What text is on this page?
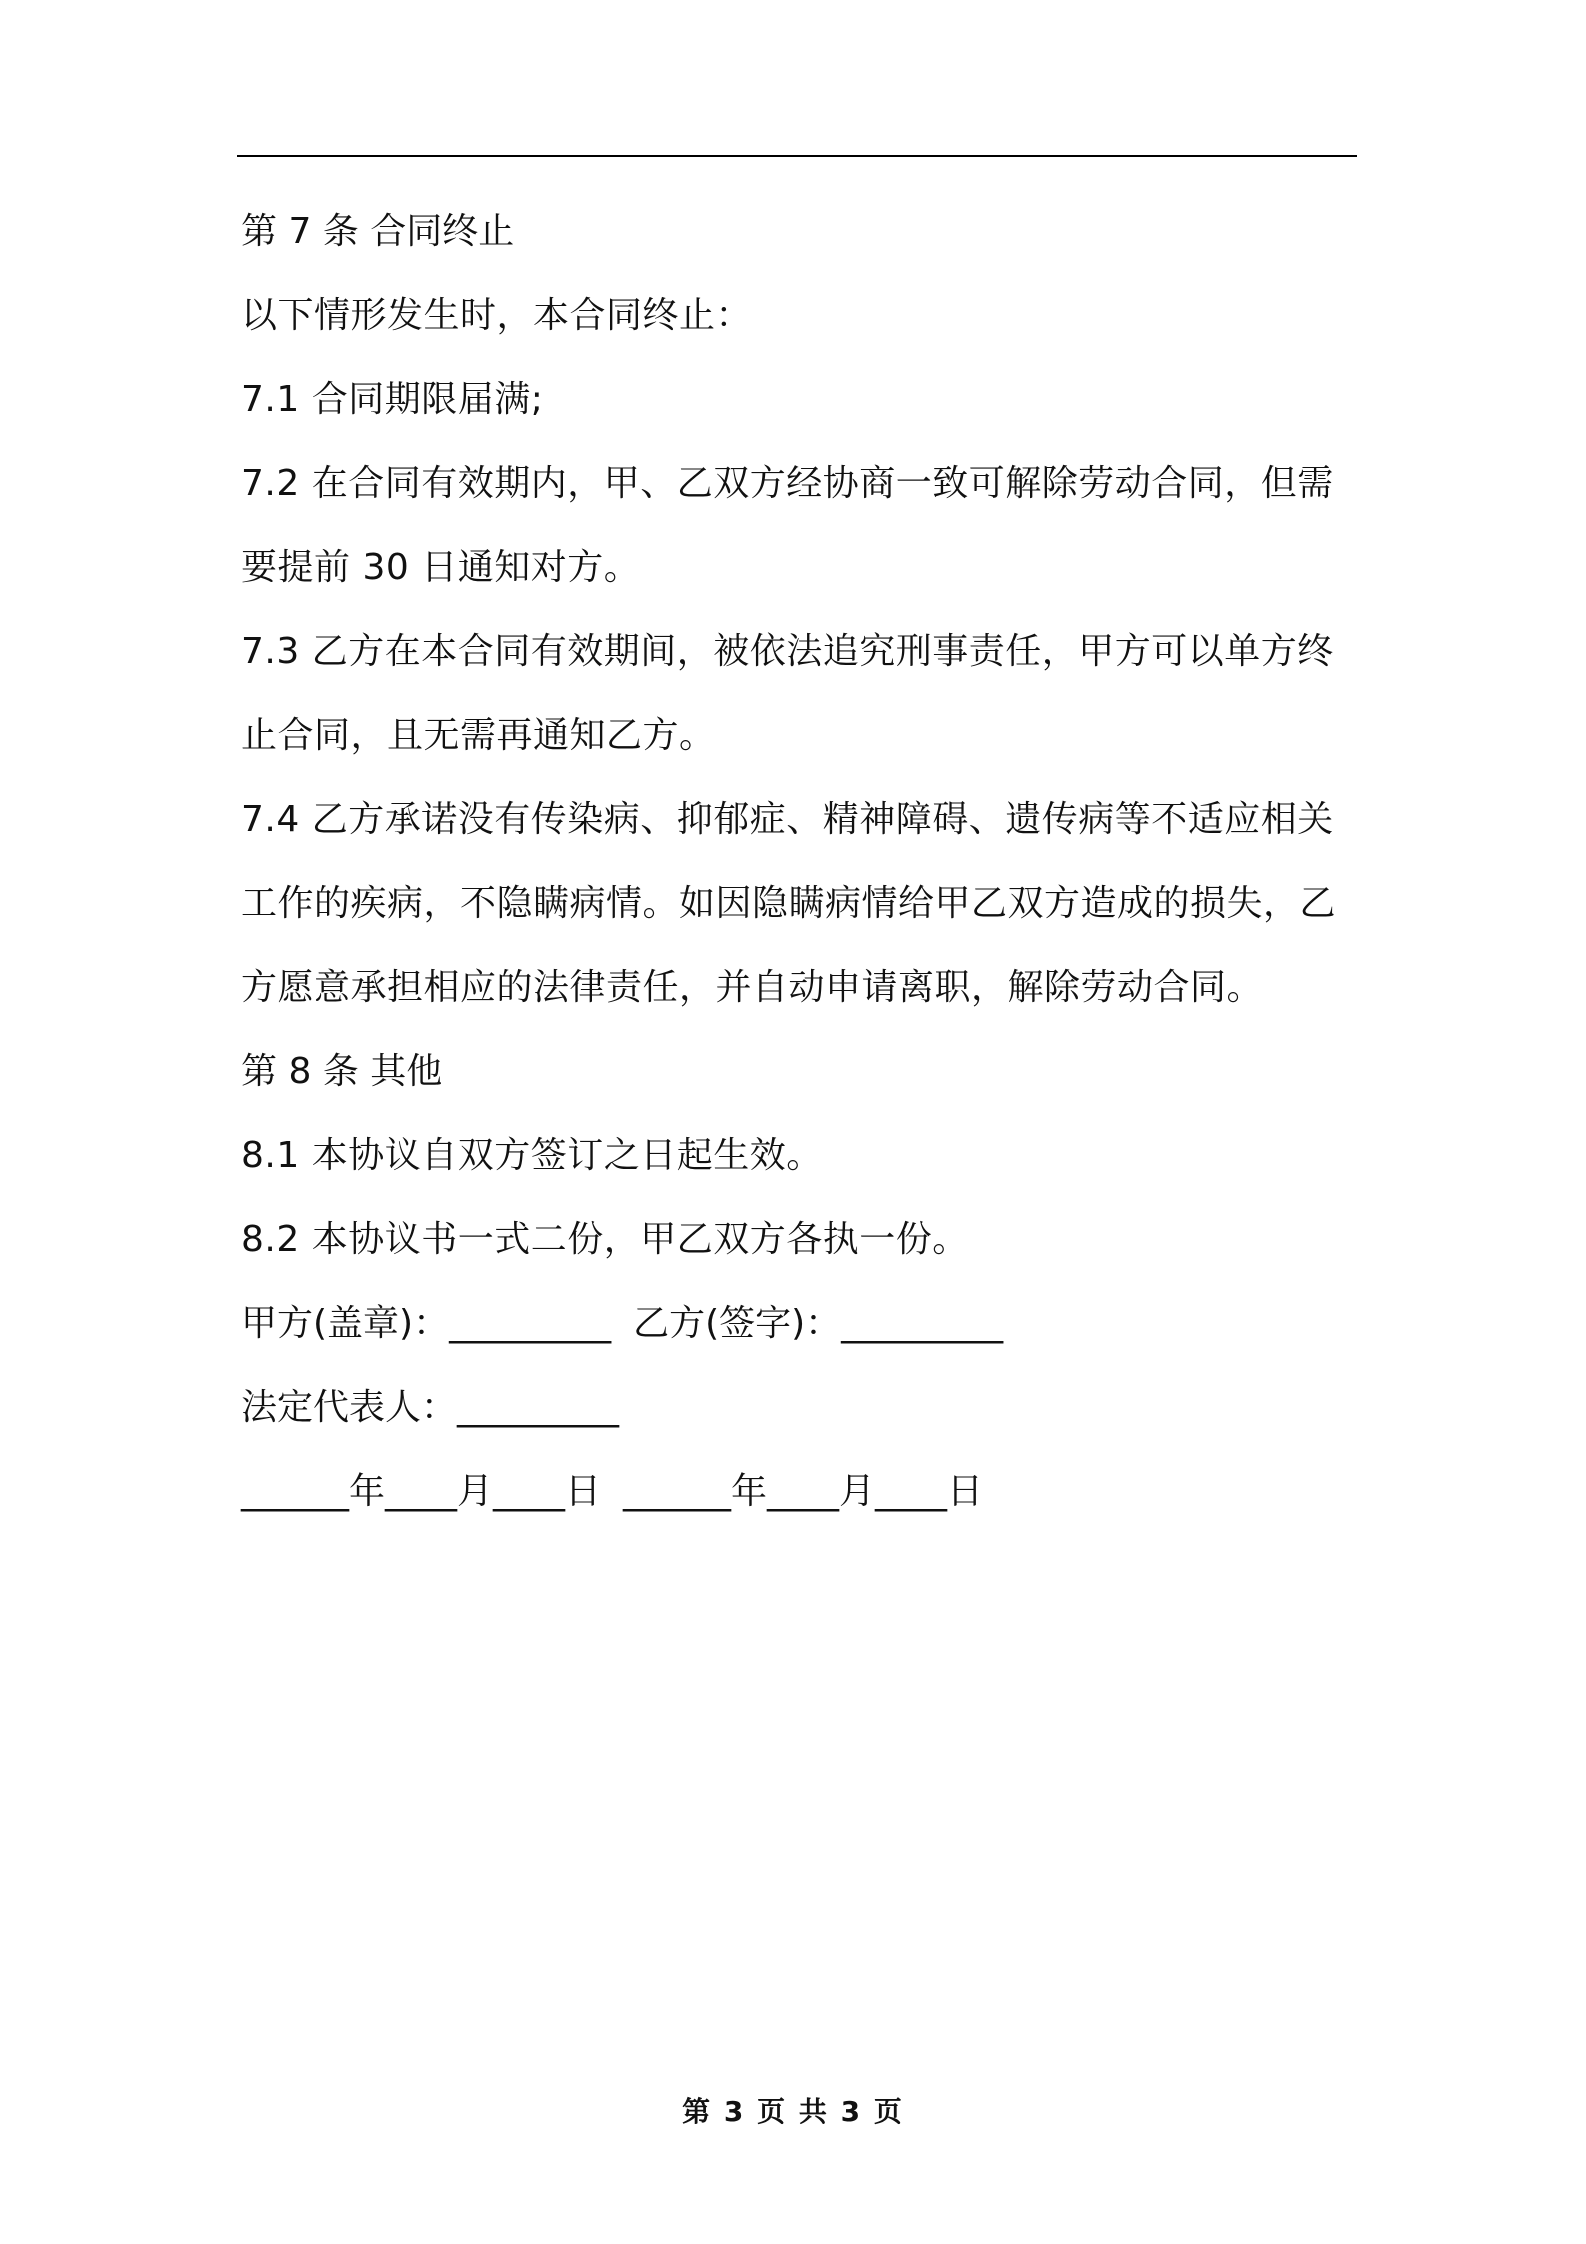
第 7 条 合同终止
以下情形发生时，本合同终止：
7.1 合同期限届满;
7.2 在合同有效期内，甲、乙双方经协商一致可解除劳动合同，但需要提前 30 日通知对方。
7.3 乙方在本合同有效期间，被依法追究刑事责任，甲方可以单方终止合同，且无需再通知乙方。
7.4 乙方承诺没有传染病、抑郁症、精神障碍、遗传病等不适应相关工作的疾病，不隐瞒病情。如因隐瞒病情给甲乙双方造成的损失，乙方愿意承担相应的法律责任，并自动申请离职，解除劳动合同。
第 8 条 其他
8.1 本协议自双方签订之日起生效。
8.2 本协议书一式二份，甲乙双方各执一份。
甲方(盖章)：_________ 乙方(签字)：_________
法定代表人：_________
______年____月____日 ______年____月____日
第 3 页 共 3 页
